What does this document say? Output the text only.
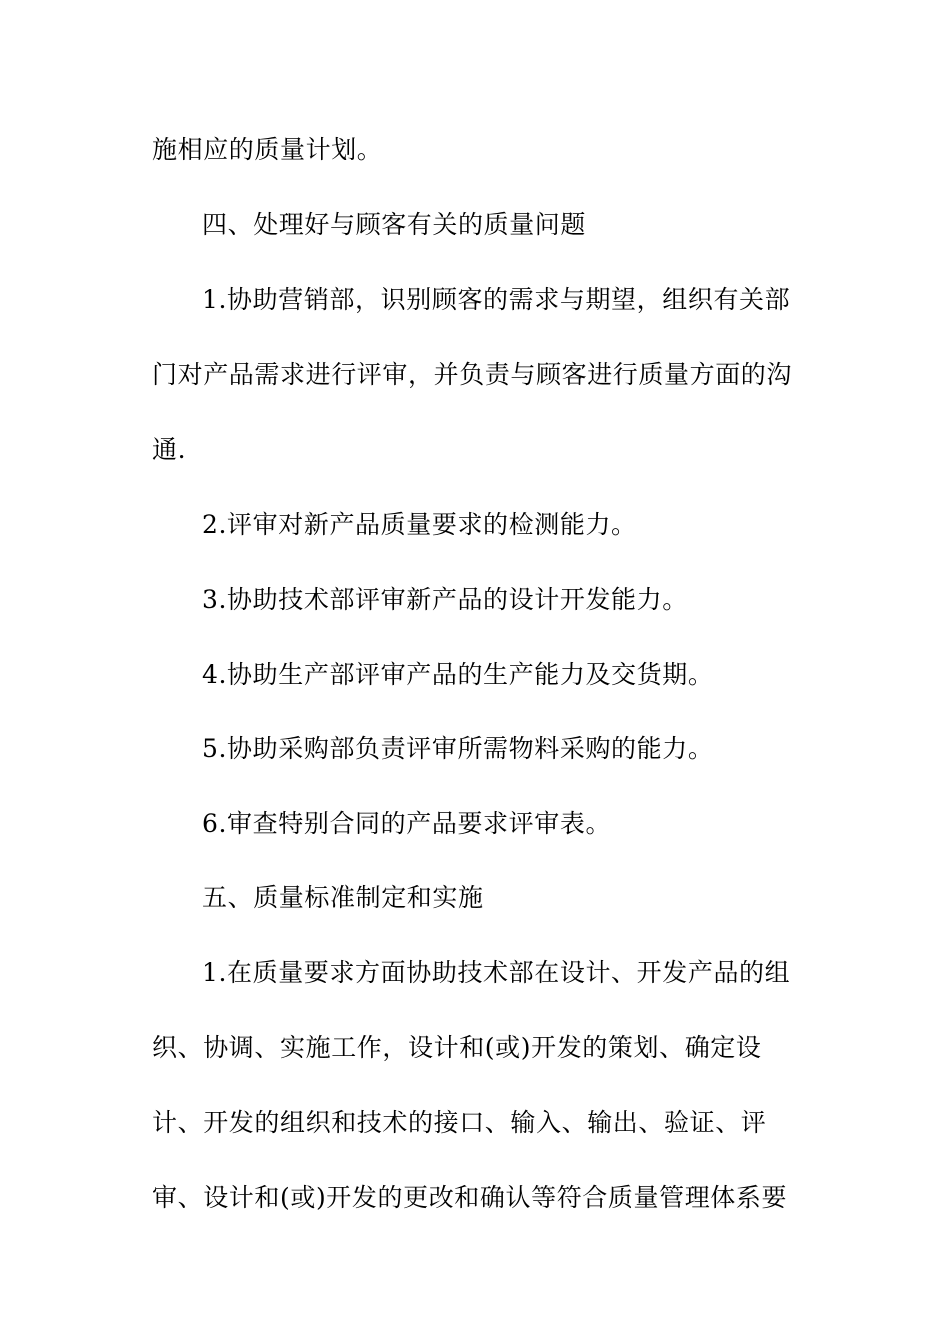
施相应的质量计划。
四、处理好与顾客有关的质量问题
1.协助营销部，识别顾客的需求与期望，组织有关部
门对产品需求进行评审，并负责与顾客进行质量方面的沟
通.
2.评审对新产品质量要求的检测能力。
3.协助技术部评审新产品的设计开发能力。
4.协助生产部评审产品的生产能力及交货期。
5.协助采购部负责评审所需物料采购的能力。
6.审查特别合同的产品要求评审表。
五、质量标准制定和实施
1.在质量要求方面协助技术部在设计、开发产品的组
织、协调、实施工作，设计和(或)开发的策划、确定设
计、开发的组织和技术的接口、输入、输出、验证、评
审、设计和(或)开发的更改和确认等符合质量管理体系要
